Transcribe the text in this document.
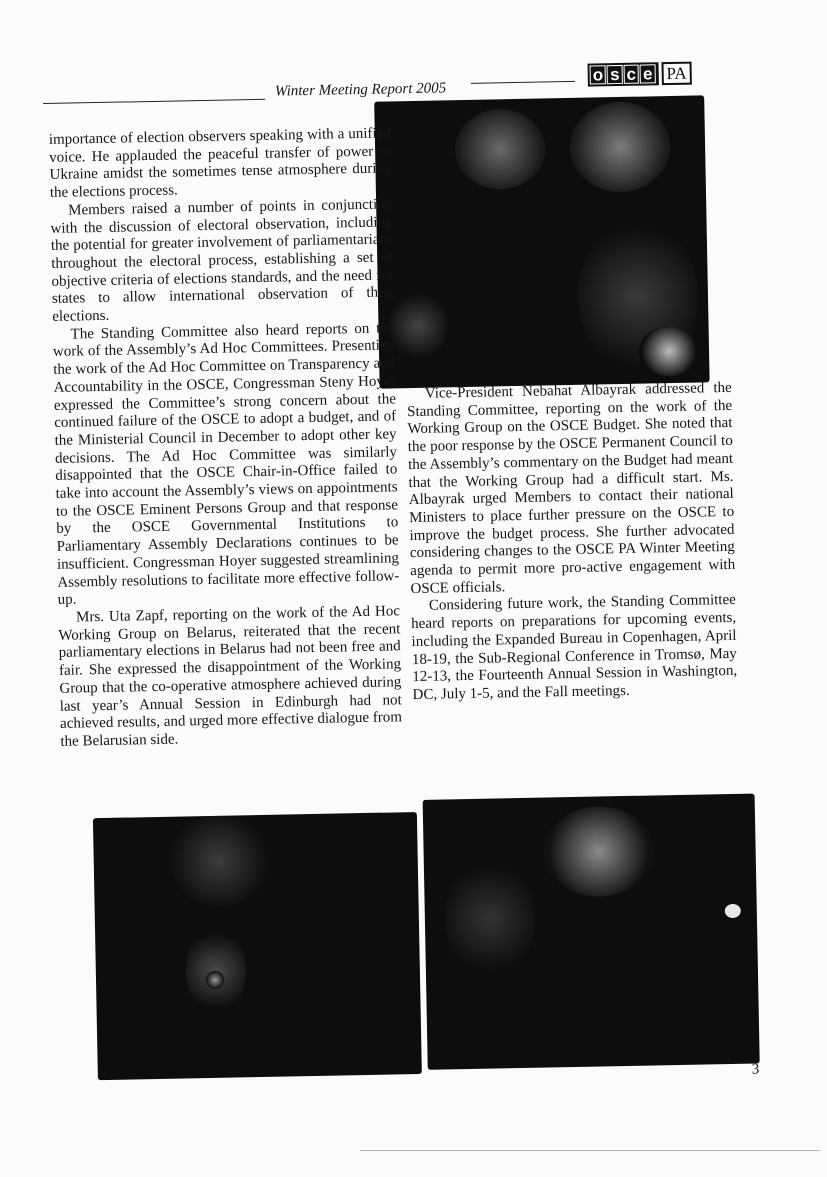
Winter Meeting Report 2005
o s c e PA

importance of election observers speaking with a unified voice. He applauded the peaceful transfer of power in Ukraine amidst the sometimes tense atmosphere during the elections process.

Members raised a number of points in conjunction with the discussion of electoral observation, including the potential for greater involvement of parliamentarians throughout the electoral process, establishing a set of objective criteria of elections standards, and the need for states to allow international observation of their elections.

The Standing Committee also heard reports on the work of the Assembly’s Ad Hoc Committees. Presenting the work of the Ad Hoc Committee on Transparency and Accountability in the OSCE, Congressman Steny Hoyer expressed the Committee’s strong concern about the continued failure of the OSCE to adopt a budget, and of the Ministerial Council in December to adopt other key decisions. The Ad Hoc Committee was similarly disappointed that the OSCE Chair-in-Office failed to take into account the Assembly’s views on appointments to the OSCE Eminent Persons Group and that response by the OSCE Governmental Institutions to Parliamentary Assembly Declarations continues to be insufficient. Congressman Hoyer suggested streamlining Assembly resolutions to facilitate more effective follow-up.

Mrs. Uta Zapf, reporting on the work of the Ad Hoc Working Group on Belarus, reiterated that the recent parliamentary elections in Belarus had not been free and fair. She expressed the disappointment of the Working Group that the co-operative atmosphere achieved during last year’s Annual Session in Edinburgh had not achieved results, and urged more effective dialogue from the Belarusian side.

Vice-President Nebahat Albayrak addressed the Standing Committee, reporting on the work of the Working Group on the OSCE Budget. She noted that the poor response by the OSCE Permanent Council to the Assembly’s commentary on the Budget had meant that the Working Group had a difficult start. Ms. Albayrak urged Members to contact their national Ministers to place further pressure on the OSCE to improve the budget process. She further advocated considering changes to the OSCE PA Winter Meeting agenda to permit more pro-active engagement with OSCE officials.

Considering future work, the Standing Committee heard reports on preparations for upcoming events, including the Expanded Bureau in Copenhagen, April 18-19, the Sub-Regional Conference in Tromsø, May 12-13, the Fourteenth Annual Session in Washington, DC, July 1-5, and the Fall meetings.

3
